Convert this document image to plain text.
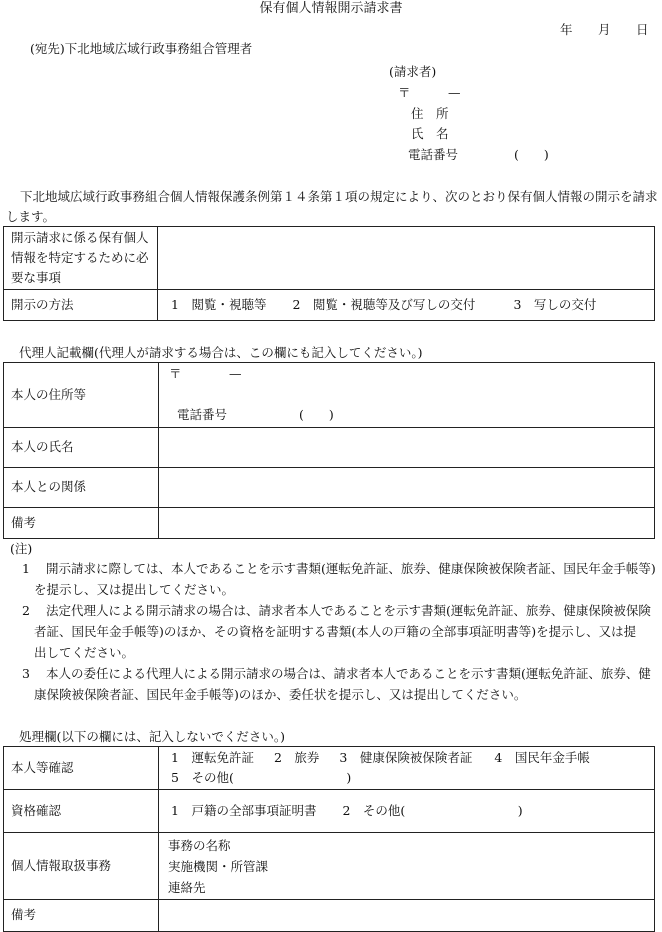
保有個人情報開示請求書
年 月 日
(宛先)下北地域広域行政事務組合管理者
(請求者)
〒	—
住　所
氏　名
電話番号	(　　)
下北地域広域行政事務組合個人情報保護条例第１４条第１項の規定により、次のとおり保有個人情報の開示を請求
します。
開示請求に係る保有個人情報を特定するために必要な事項	
開示の方法	1　閲覧・視聴等 2　閲覧・視聴等及び写しの交付 3　写しの交付
代理人記載欄(代理人が請求する場合は、この欄にも記入してください。)
本人の住所等	〒 —
電話番号 (　　)

本人の氏名	
本人との関係	
備考	
(注)
1 開示請求に際しては、本人であることを示す書類(運転免許証、旅券、健康保険被保険者証、国民年金手帳等)
を提示し、又は提出してください。
2 法定代理人による開示請求の場合は、請求者本人であることを示す書類(運転免許証、旅券、健康保険被保険
者証、国民年金手帳等)のほか、その資格を証明する書類(本人の戸籍の全部事項証明書等)を提示し、又は提
出してください。
3 本人の委任による代理人による開示請求の場合は、請求者本人であることを示す書類(運転免許証、旅券、健
康保険被保険者証、国民年金手帳等)のほか、委任状を提示し、又は提出してください。
処理欄(以下の欄には、記入しないでください。)
本人等確認	1　運転免許証 2　旅券 3　健康保険被保険者証 4　国民年金手帳
5　その他(　　　　　　　　　)

資格確認	1　戸籍の全部事項証明書 2　その他(　　　　　　　　　)
個人情報取扱事務	事務の名称
実施機関・所管課
連絡先

備考	
